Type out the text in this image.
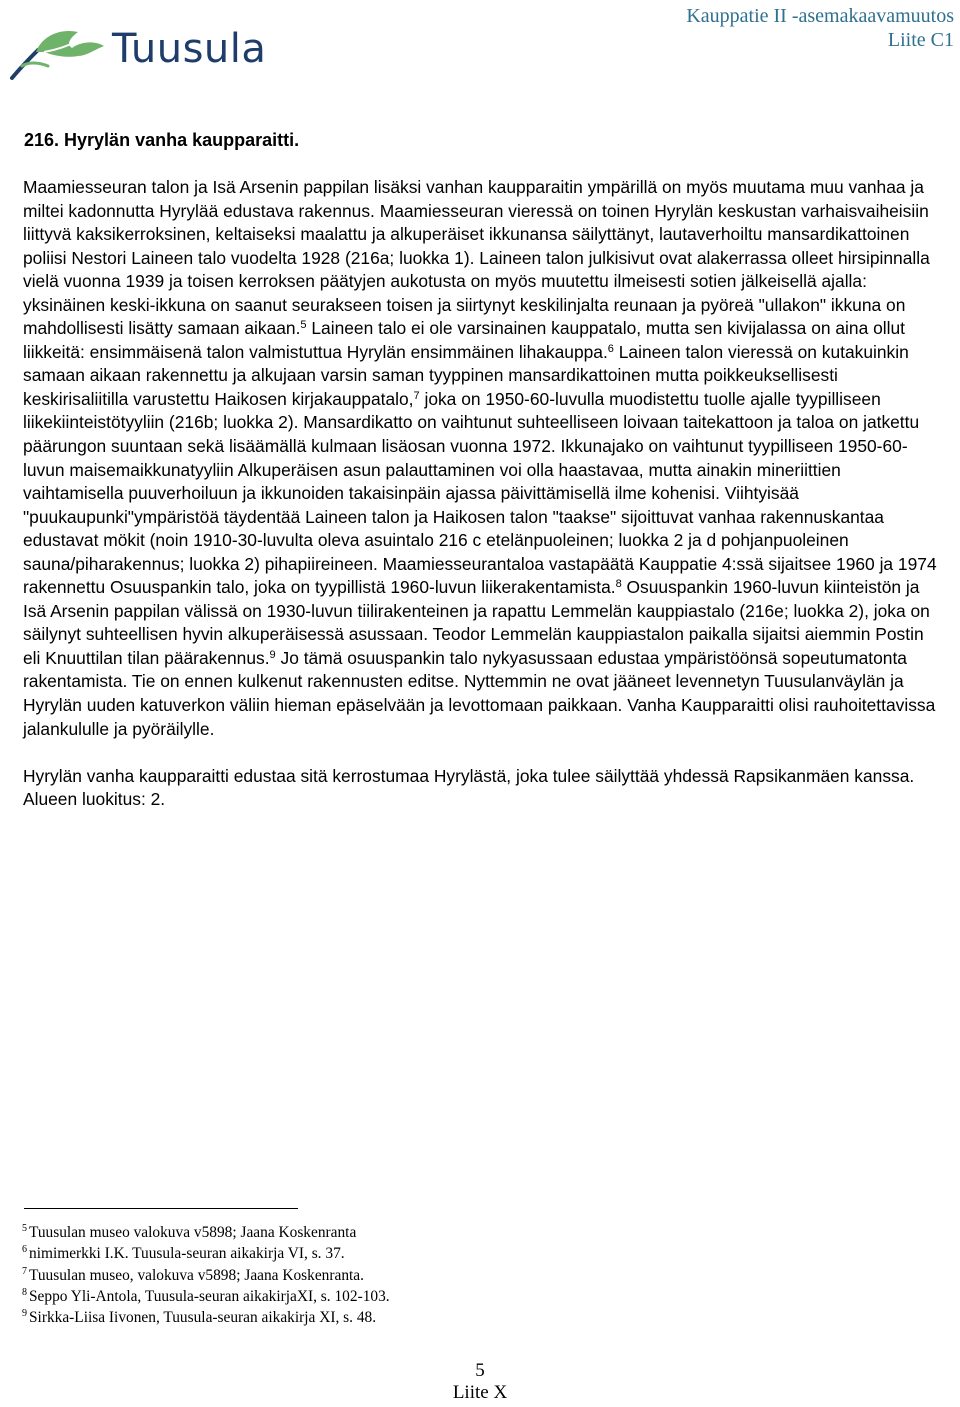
Tuusula
Kauppatie II -asemakaavamuutos
Liite C1
216. Hyrylän vanha kaupparaitti.

Maamiesseuran talon ja Isä Arsenin pappilan lisäksi vanhan kaupparaitin ympärillä on myös muutama muu vanhaa ja miltei kadonnutta Hyrylää edustava rakennus. Maamiesseuran vieressä on toinen Hyrylän keskustan varhaisvaiheisiin liittyvä kaksikerroksinen, keltaiseksi maalattu ja alkuperäiset ikkunansa säilyttänyt, lautaverhoiltu mansardikattoinen poliisi Nestori Laineen talo vuodelta 1928 (216a; luokka 1). Laineen talon julkisivut ovat alakerrassa olleet hirsipinnalla vielä vuonna 1939 ja toisen kerroksen päätyjen aukotusta on myös muutettu ilmeisesti sotien jälkeisellä ajalla: yksinäinen keski-ikkuna on saanut seurakseen toisen ja siirtynyt keskilinjalta reunaan ja pyöreä "ullakon" ikkuna on mahdollisesti lisätty samaan aikaan.$^5$ Laineen talo ei ole varsinainen kauppatalo, mutta sen kivijalassa on aina ollut liikkeitä: ensimmäisenä talon valmistuttua Hyrylän ensimmäinen lihakauppa.$^6$ Laineen talon vieressä on kutakuinkin samaan aikaan rakennettu ja alkujaan varsin saman tyyppinen mansardikattoinen mutta poikkeuksellisesti keskirisaliitilla varustettu Haikosen kirjakauppatalo,$^7$ joka on 1950-60-luvulla muodistettu tuolle ajalle tyypilliseen liikekiinteistötyyliin (216b; luokka 2). Mansardikatto on vaihtunut suhteelliseen loivaan taitekattoon ja taloa on jatkettu päärungon suuntaan sekä lisäämällä kulmaan lisäosan vuonna 1972. Ikkunajako on vaihtunut tyypilliseen 1950-60-luvun maisemaikkunatyyliin Alkuperäisen asun palauttaminen voi olla haastavaa, mutta ainakin mineriittien vaihtamisella puuverhoiluun ja ikkunoiden takaisinpäin ajassa päivittämisellä ilme kohenisi. Viihtyisää "puukaupunki"ympäristöä täydentää Laineen talon ja Haikosen talon "taakse" sijoittuvat vanhaa rakennuskantaa edustavat mökit (noin 1910-30-luvulta oleva asuintalo 216 c etelänpuoleinen; luokka 2 ja d pohjanpuoleinen sauna/piharakennus; luokka 2) pihapiireineen. Maamiesseurantaloa vastapäätä Kauppatie 4:ssä sijaitsee 1960 ja 1974 rakennettu Osuuspankin talo, joka on tyypillistä 1960-luvun liikerakentamista.$^8$ Osuuspankin 1960-luvun kiinteistön ja Isä Arsenin pappilan välissä on 1930-luvun tiilirakenteinen ja rapattu Lemmelän kauppiastalo (216e; luokka 2), joka on säilynyt suhteellisen hyvin alkuperäisessä asussaan. Teodor Lemmelän kauppiastalon paikalla sijaitsi aiemmin Postin eli Knuuttilan tilan päärakennus.$^9$ Jo tämä osuuspankin talo nykyasussaan edustaa ympäristöönsä sopeutumatonta rakentamista. Tie on ennen kulkenut rakennusten editse. Nyttemmin ne ovat jääneet levennetyn Tuusulanväylän ja Hyrylän uuden katuverkon väliin hieman epäselvään ja levottomaan paikkaan. Vanha Kaupparaitti olisi rauhoitettavissa jalankululle ja pyöräilylle.

Hyrylän vanha kaupparaitti edustaa sitä kerrostumaa Hyrylästä, joka tulee säilyttää yhdessä Rapsikanmäen kanssa. Alueen luokitus: 2.

$^5$ Tuusulan museo valokuva v5898; Jaana Koskenranta
$^6$ nimimerkki I.K. Tuusula-seuran aikakirja VI, s. 37.
$^7$ Tuusulan museo, valokuva v5898; Jaana Koskenranta.
$^8$ Seppo Yli-Antola, Tuusula-seuran aikakirjaXI, s. 102-103.
$^9$ Sirkka-Liisa Iivonen, Tuusula-seuran aikakirja XI, s. 48.
5
Liite X
